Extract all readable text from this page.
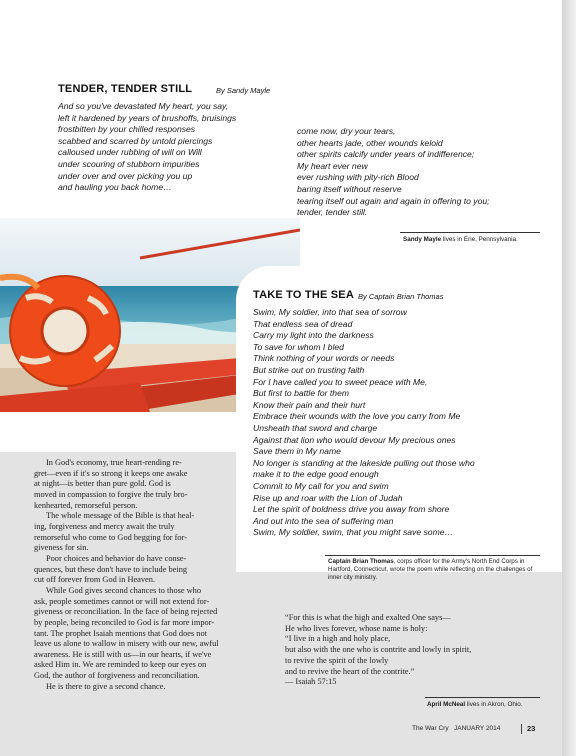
TENDER, TENDER STILL	By Sandy Mayle
And so you've devastated My heart, you say,
left it hardened by years of brushoffs, bruisings
frostbitten by your chilled responses
scabbed and scarred by untold piercings
calloused under rubbing of will on Will
under scouring of stubborn impurities
under over and over picking you up
and hauling you back home…
come now, dry your tears,
other hearts jade, other wounds keloid
other spirits calcify under years of indifference;
My heart ever new
ever rushing with pity-rich Blood
baring itself without reserve
tearing itself out again and again in offering to you;
tender, tender still.
Sandy Mayle lives in Erie, Pennsylvania.
TAKE TO THE SEA By Captain Brian Thomas
Swim, My soldier, into that sea of sorrow
That endless sea of dread
Carry my light into the darkness
To save for whom I bled
Think nothing of your words or needs
But strike out on trusting faith
For I have called you to sweet peace with Me,
But first to battle for them
Know their pain and their hurt
Embrace their wounds with the love you carry from Me
Unsheath that sword and charge
Against that lion who would devour My precious ones
Save them in My name
No longer is standing at the lakeside pulling out those who
make it to the edge good enough
Commit to My call for you and swim
Rise up and roar with the Lion of Judah
Let the spirit of boldness drive you away from shore
And out into the sea of suffering man
Swim, My soldier, swim, that you might save some…
Captain Brian Thomas, corps officer for the Army's North End Corps in Hartford, Connecticut, wrote the poem while reflecting on the challenges of inner city ministry.
In God's economy, true heart-rending re-
gret—even if it's so strong it keeps one awake
at night—is better than pure gold. God is
moved in compassion to forgive the truly bro-
kenhearted, remorseful person.
The whole message of the Bible is that heal-
ing, forgiveness and mercy await the truly
remorseful who come to God begging for for-
giveness for sin.
Poor choices and behavior do have conse-
quences, but these don't have to include being
cut off forever from God in Heaven.
While God gives second chances to those who
ask, people sometimes cannot or will not extend for-
giveness or reconciliation. In the face of being rejected
by people, being reconciled to God is far more impor-
tant. The prophet Isaiah mentions that God does not
leave us alone to wallow in misery with our new, awful
awareness. He is still with us—in our hearts, if we've
asked Him in. We are reminded to keep our eyes on
God, the author of forgiveness and reconciliation.
He is there to give a second chance.
“For this is what the high and exalted One says—
He who lives forever, whose name is holy:
“I live in a high and holy place,
but also with the one who is contrite and lowly in spirit,
to revive the spirit of the lowly
and to revive the heart of the contrite.”
— Isaiah 57:15
April McNeal lives in Akron, Ohio.
The War Cry JANUARY 2014	23
